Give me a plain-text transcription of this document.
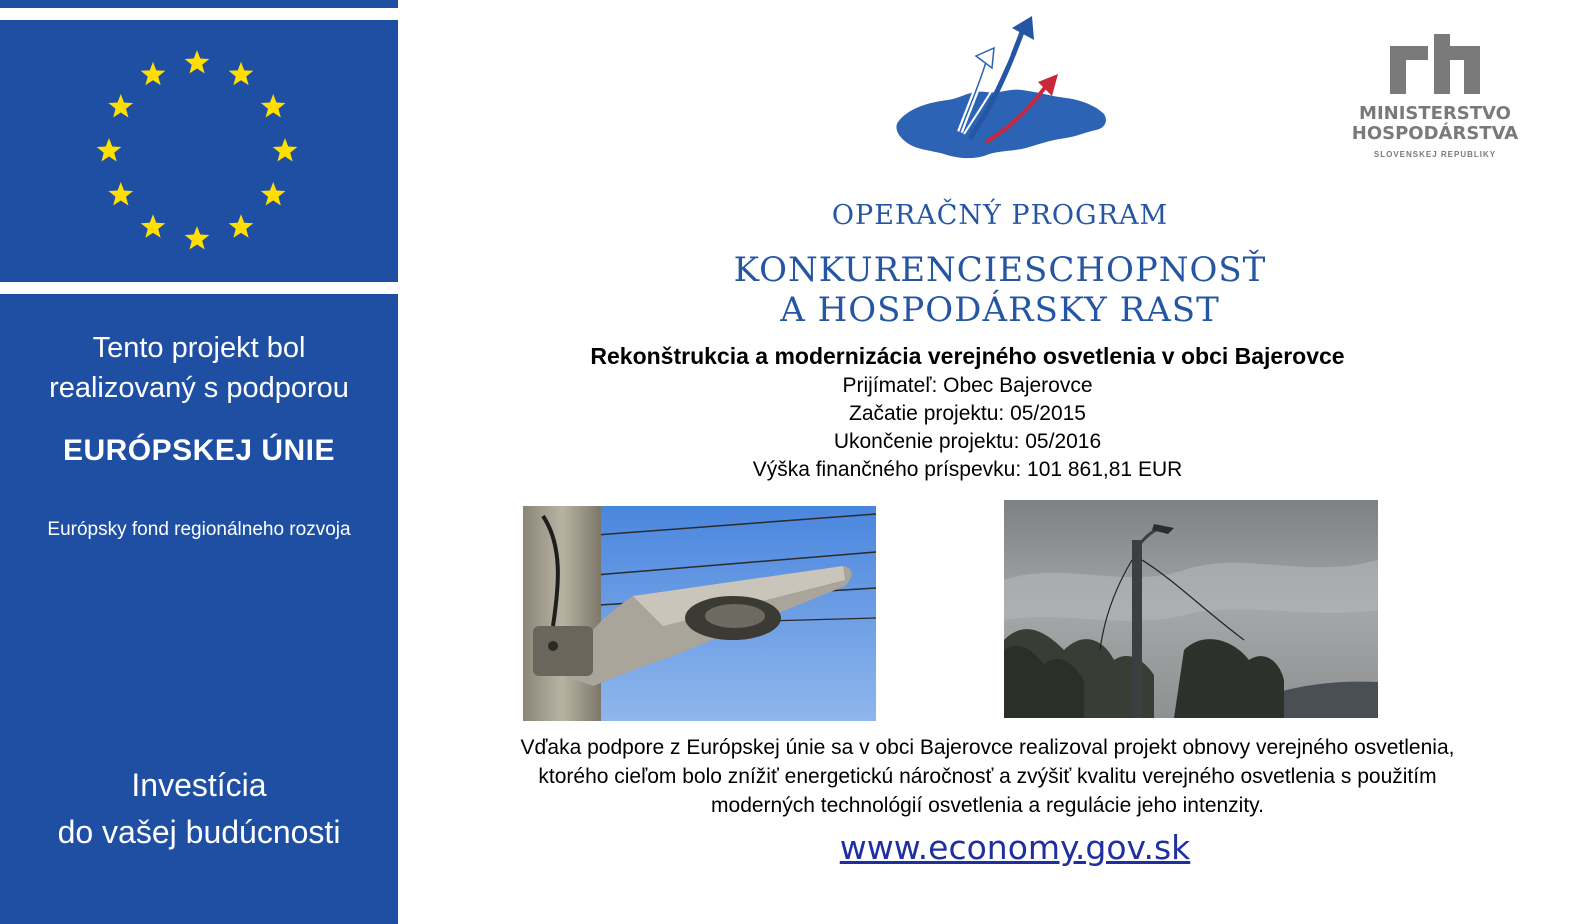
Tento projekt bol
realizovaný s podporou
EURÓPSKEJ ÚNIE
Európsky fond regionálneho rozvoja
Investícia
do vašej budúcnosti
OPERAČNÝ PROGRAM
KONKURENCIESCHOPNOSŤ
A HOSPODÁRSKY RAST
MINISTERSTVO
HOSPODÁRSTVA
SLOVENSKEJ REPUBLIKY
Rekonštrukcia a modernizácia verejného osvetlenia v obci Bajerovce
Prijímateľ: Obec Bajerovce
Začatie projektu: 05/2015
Ukončenie projektu: 05/2016
Výška finančného príspevku: 101 861,81 EUR
Vďaka podpore z Európskej únie sa v obci Bajerovce realizoval projekt obnovy verejného osvetlenia,
ktorého cieľom bolo znížiť energetickú náročnosť a zvýšiť kvalitu verejného osvetlenia s použitím
moderných technológií osvetlenia a regulácie jeho intenzity.
www.economy.gov.sk
